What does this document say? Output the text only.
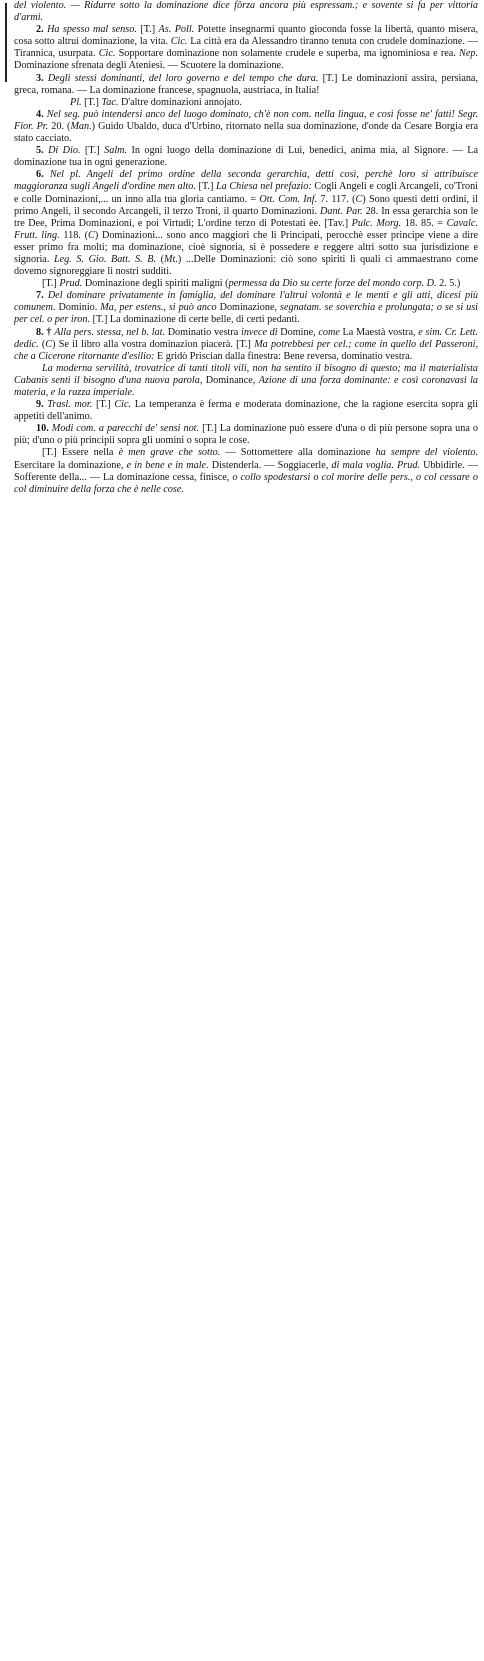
del violento. — Ridurre sotto la dominazione dice fôrza ancora più espressam.; e sovente si fa per vittoria d'armi.

2. Ha spesso mal senso. [T.] As. Poll. Potette insegnarmi quanto gioconda fosse la libertà, quanto misera, cosa sotto altrui dominazione, la vita. Cic. La città era da Alessandro tiranno tenuta con crudele dominazione. — Tirannica, usurpata. Cic. Sopportare dominazione non solamente crudele e superba, ma ignominiosa e rea. Nep. Dominazione sfrenata degli Ateniesi. — Scuotere la dominazione.

3. Degli stessi dominanti, del loro governo e del tempo che dura. [T.] Le dominazioni assira, persiana, greca, romana. — La dominazione francese, spagnuola, austriaca, in Italia!

Pl. [T.] Tac. D'altre dominazioni annojato.

4. Nel seg. può intendersi anco del luogo dominato, ch'è non com. nella lingua, e così fosse ne' fatti! Segr. Fior. Pr. 20. (Man.) Guido Ubaldo, duca d'Urbino, ritornato nella sua dominazione, d'onde da Cesare Borgia era stato cacciato.

5. Di Dio. [T.] Salm. In ogni luogo della dominazione di Lui, benedici, anima mia, al Signore. — La dominazione tua in ogni generazione.

6. Nel pl. Angeli del primo ordine della seconda gerarchia, detti così, perchè loro si attribuisce maggioranza sugli Angeli d'ordine men alto. [T.] La Chiesa nel prefazio: Cogli Angeli e cogli Arcangeli, co'Troni e colle Dominazioni,... un inno alla tua gloria cantiamo. = Ott. Com. Inf. 7. 117. (C) Sono questi detti ordini, il primo Angeli, il secondo Arcangeli, il terzo Troni, il quarto Dominazioni. Dant. Par. 28. In essa gerarchia son le tre Dee, Prima Dominazioni, e poi Virtudi; L'ordine terzo di Potestati èe. [Tav.] Pulc. Morg. 18. 85. = Cavalc. Frutt. ling. 118. (C) Dominazioni... sono anco maggiori che li Principati, perocchè esser principe viene a dire esser primo fra molti; ma dominazione, cioè signoria, si è possedere e reggere altri sotto sua jurisdizione e signoria. Leg. S. Gio. Batt. S. B. (Mt.) ...Delle Dominazioni: ciò sono spiriti li quali ci ammaestrano come dovemo signoreggiare li nostri sudditi.

[T.] Prud. Dominazione degli spiriti maligni (permessa da Dio su certe forze del mondo corp. D. 2. 5.)

7. Del dominare privatamente in famiglia, del dominare l'altrui volontà e le menti e gli atti, dicesi più comunem. Dominio. Ma, per estens., si può anco Dominazione, segnatam. se soverchia e prolungata; o se si usi per cel. o per iron. [T.] La dominazione di certe belle, di certi pedanti.

8. † Alla pers. stessa, nel b. lat. Dominatio vestra invece di Domine, come La Maestà vostra, e sim. Cr. Lett. dedic. (C) Se il libro alla vostra dominazion piacerà. [T.] Ma potrebbesi per cel.; come in quello del Passeroni, che a Cicerone ritornante d'esilio: E gridò Priscian dalla finestra: Bene reversa, dominatio vestra.

La moderna servilità, trovatrice di tanti titoli vili, non ha sentito il bisogno di questo; ma il materialista Cabanis sentì il bisogno d'una nuova parola, Dominance, Azione di una forza dominante: e così coronavasi la materia, e la razza imperiale.

9. Trasl. mor. [T.] Cic. La temperanza è ferma e moderata dominazione, che la ragione esercita sopra gli appetiti dell'animo.

10. Modi com. a parecchi de' sensi not. [T.] La dominazione può essere d'una o di più persone sopra una o più; d'uno o più principii sopra gli uomini o sopra le cose.

[T.] Essere nella è men grave che sotto. — Sottomettere alla dominazione ha sempre del violento. Esercitare la dominazione, e in bene e in male. Distenderla. — Soggiacerle, di mala voglia. Prud. Ubbidirle. — Sofferente della... — La dominazione cessa, finisce, o collo spodestarsi o col morire delle pers., o col cessare o col diminuire della forza che è nelle cose.
